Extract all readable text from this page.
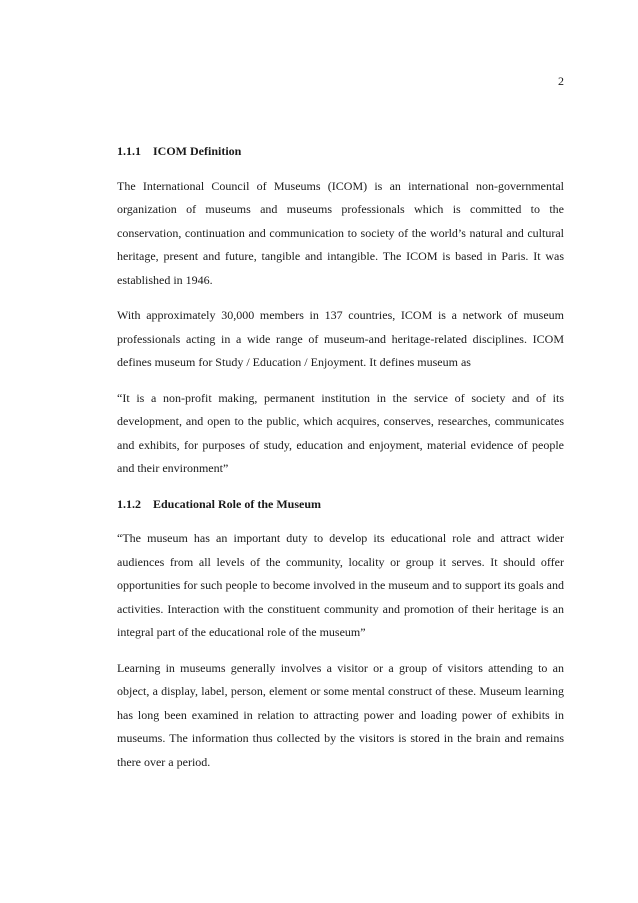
2
1.1.1 ICOM Definition

The International Council of Museums (ICOM) is an international non-governmental organization of museums and museums professionals which is committed to the conservation, continuation and communication to society of the world’s natural and cultural heritage, present and future, tangible and intangible. The ICOM is based in Paris. It was established in 1946.

With approximately 30,000 members in 137 countries, ICOM is a network of museum professionals acting in a wide range of museum-and heritage-related disciplines. ICOM defines museum for Study / Education / Enjoyment. It defines museum as

“It is a non-profit making, permanent institution in the service of society and of its development, and open to the public, which acquires, conserves, researches, communicates and exhibits, for purposes of study, education and enjoyment, material evidence of people and their environment”

1.1.2 Educational Role of the Museum

“The museum has an important duty to develop its educational role and attract wider audiences from all levels of the community, locality or group it serves. It should offer opportunities for such people to become involved in the museum and to support its goals and activities. Interaction with the constituent community and promotion of their heritage is an integral part of the educational role of the museum”

Learning in museums generally involves a visitor or a group of visitors attending to an object, a display, label, person, element or some mental construct of these. Museum learning has long been examined in relation to attracting power and loading power of exhibits in museums. The information thus collected by the visitors is stored in the brain and remains there over a period.
